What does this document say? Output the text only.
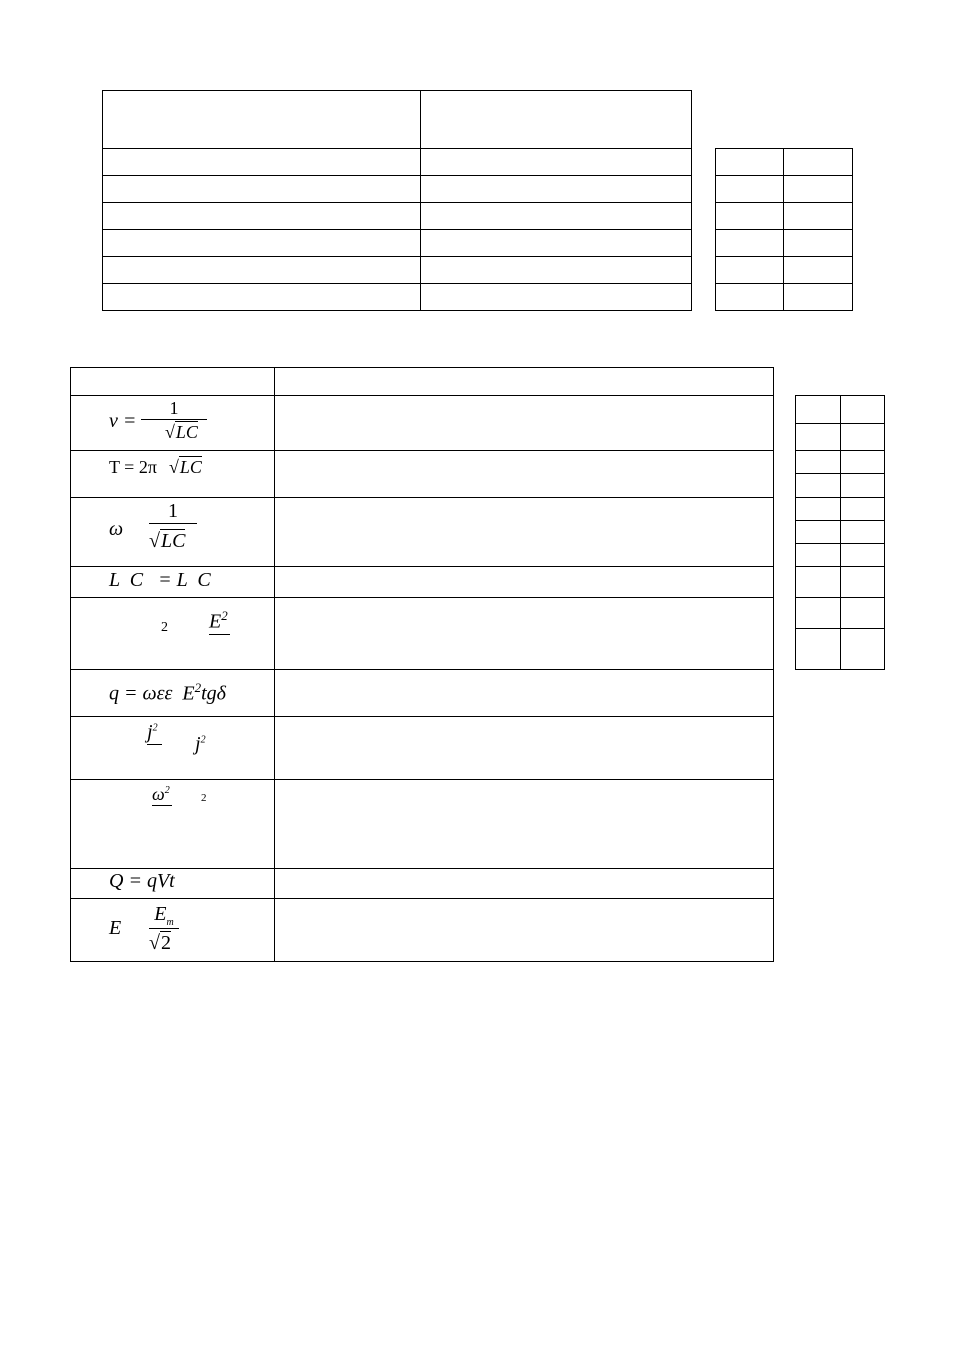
ν =
1
√LC	

T = 2π √LC	

ω
1
√LC	

L  C   = L  C	

2 $E^2$

q = ωεε  $E^2tg\delta$	

$j^2$
$j^2$

$\omega^2$
2	

Q = qVt	

E
$E_m$
√2	
